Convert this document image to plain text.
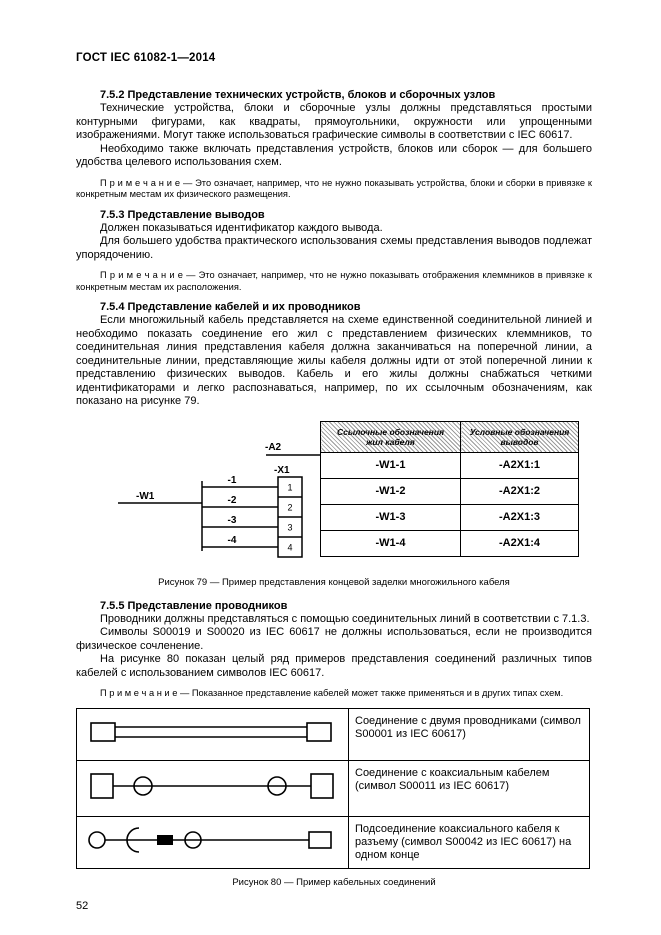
ГОСТ IEC 61082-1—2014
7.5.2 Представление технических устройств, блоков и сборочных узлов

Технические устройства, блоки и сборочные узлы должны представляться простыми контурными фигурами, как квадраты, прямоугольники, окружности или упрощенными изображениями. Могут также использоваться графические символы в соответствии с IEC 60617.

Необходимо также включать представления устройств, блоков или сборок — для большего удобства целевого использования схем.

П р и м е ч а н и е — Это означает, например, что не нужно показывать устройства, блоки и сборки в привязке к конкретным местам их физического размещения.

7.5.3 Представление выводов

Должен показываться идентификатор каждого вывода.

Для большего удобства практического использования схемы представления выводов подлежат упорядочению.

П р и м е ч а н и е — Это означает, например, что не нужно показывать отображения клеммников в привязке к конкретным местам их расположения.

7.5.4 Представление кабелей и их проводников

Если многожильный кабель представляется на схеме единственной соединительной линией и необходимо показать соединение его жил с представлением физических клеммников, то соединительная линия представления кабеля должна заканчиваться на поперечной линии, а соединительные линии, представляющие жилы кабеля должны идти от этой поперечной линии к представлению физических выводов. Кабель и его жилы должны снабжаться четкими идентификаторами и легко распознаваться, например, по их ссылочным обозначениям, как показано на рисунке 79.

-W1
-A2
-X1
-1
-2
-3
-4
1
2
3
4
Ссылочные обозначения жил кабеля	Условные обозначения выводов
-W1-1	-A2X1:1
-W1-2	-A2X1:2
-W1-3	-A2X1:3
-W1-4	-A2X1:4
Рисунок 79 — Пример представления концевой заделки многожильного кабеля
7.5.5 Представление проводников

Проводники должны представляться с помощью соединительных линий в соответствии с 7.1.3.

Символы S00019 и S00020 из IEC 60617 не должны использоваться, если не производится физическое сочленение.

На рисунке 80 показан целый ряд примеров представления соединений различных типов кабелей с использованием символов IEC 60617.

П р и м е ч а н и е — Показанное представление кабелей может также применяться и в других типах схем.

	Соединение с двумя проводниками (символ S00001 из IEC 60617)
	Соединение с коаксиальным кабелем (символ S00011 из IEC 60617)
	Подсоединение коаксиального кабеля к разъему (символ S00042 из IEC 60617) на одном конце
Рисунок 80 — Пример кабельных соединений
52
